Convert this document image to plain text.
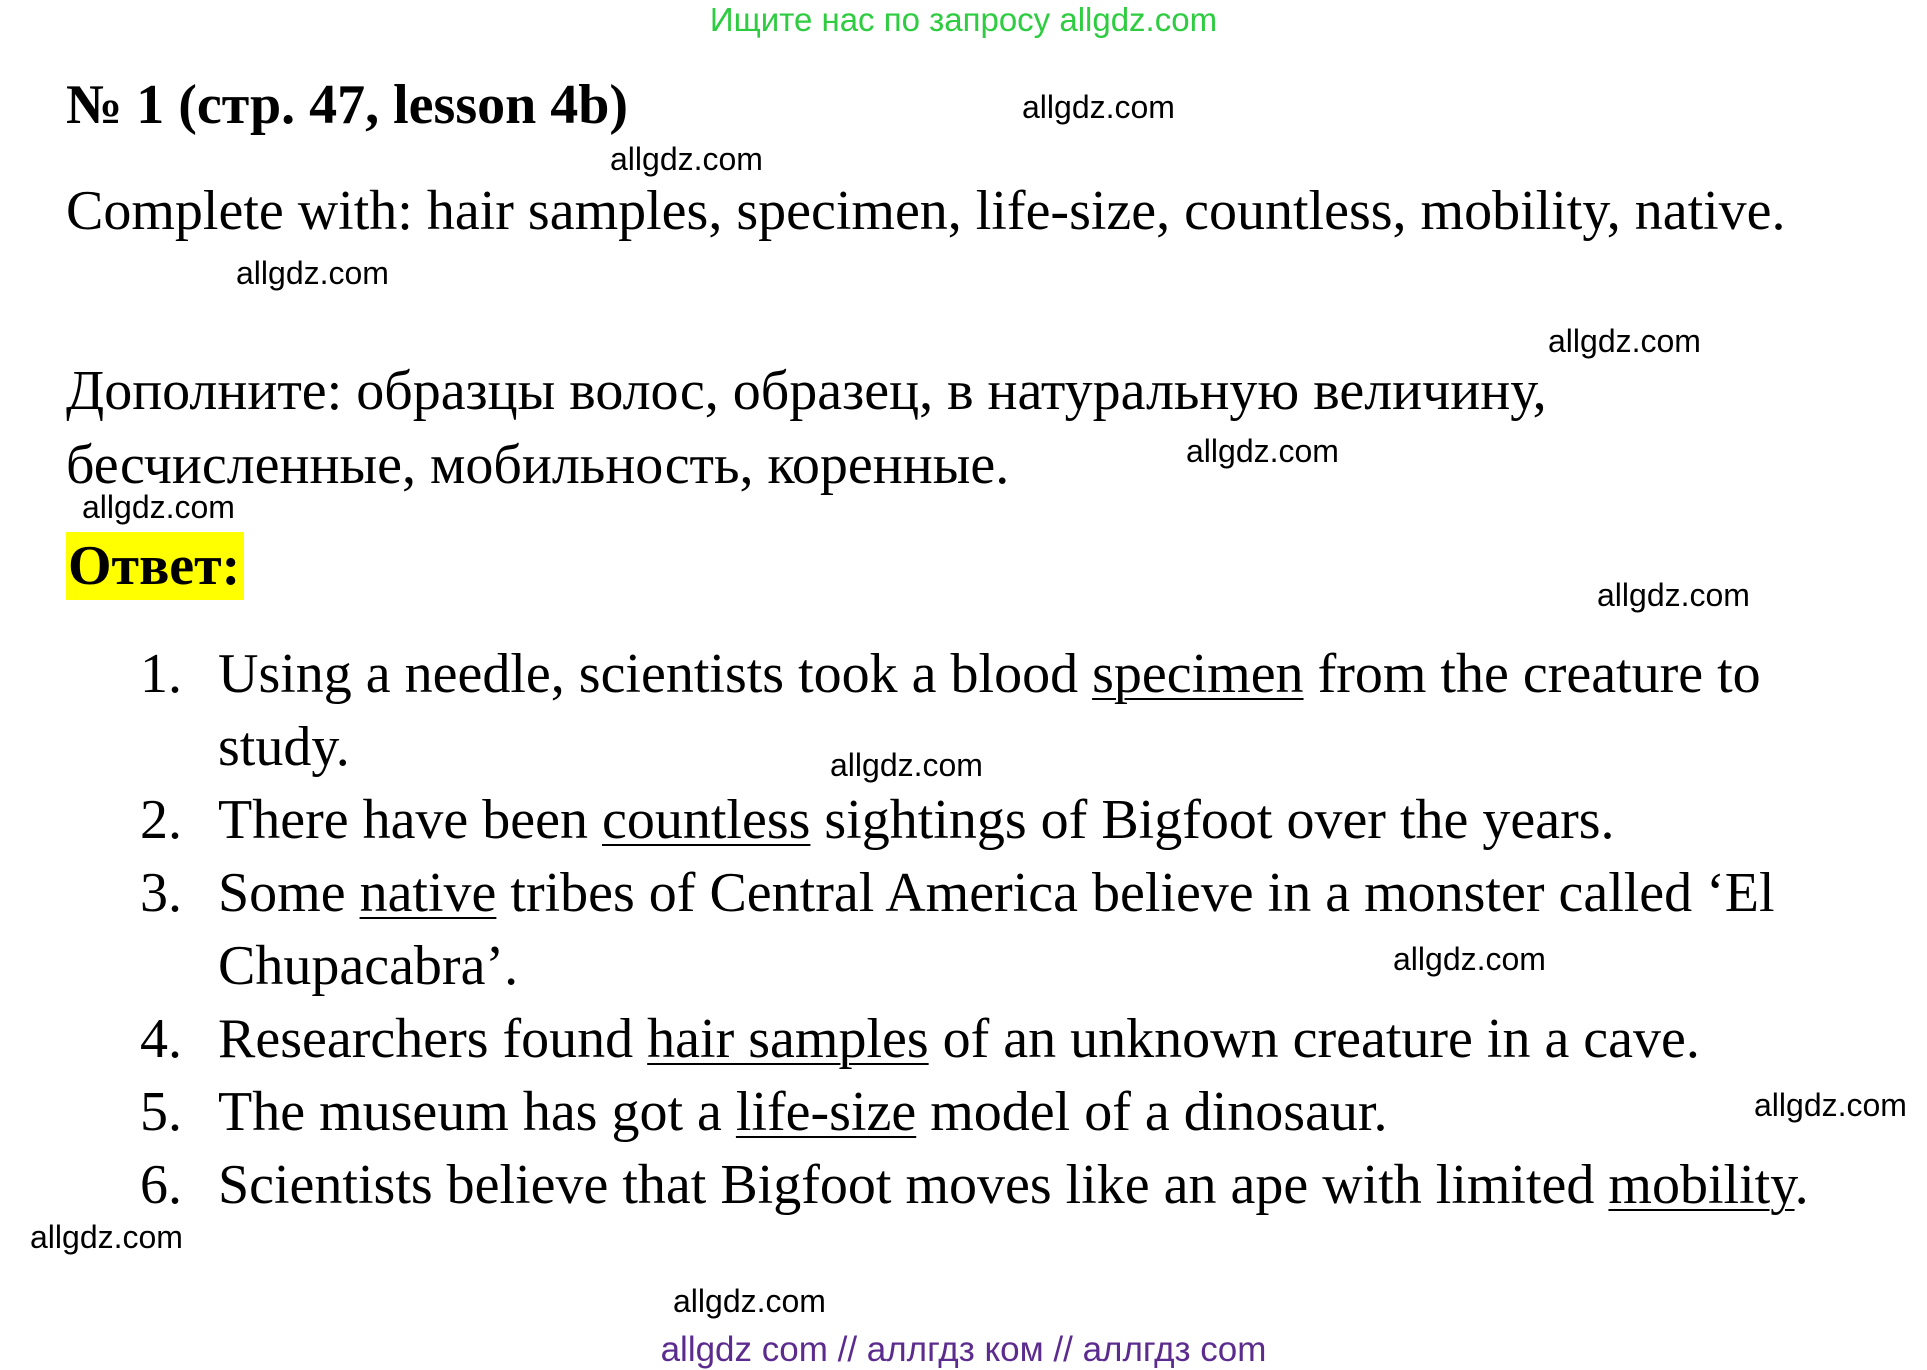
Ищите нас по запросу allgdz.com
№ 1 (стр. 47, lesson 4b)

Complete with: hair samples, specimen, life-size, countless, mobility, native.

Дополните: образцы волос, образец, в натуральную величину, бесчисленные, мобильность, коренные.

Ответ:
1. Using a needle, scientists took a blood specimen from the creature to study.
2. There have been countless sightings of Bigfoot over the years.
3. Some native tribes of Central America believe in a monster called ‘El Chupacabra’.
4. Researchers found hair samples of an unknown creature in a cave.
5. The museum has got a life-size model of a dinosaur.
6. Scientists believe that Bigfoot moves like an ape with limited mobility.
allgdz.com
allgdz.com
allgdz.com
allgdz.com
allgdz.com
allgdz.com
allgdz.com
allgdz.com
allgdz.com
allgdz.com
allgdz.com
allgdz.com
allgdz com // аллгдз ком // аллгдз com
